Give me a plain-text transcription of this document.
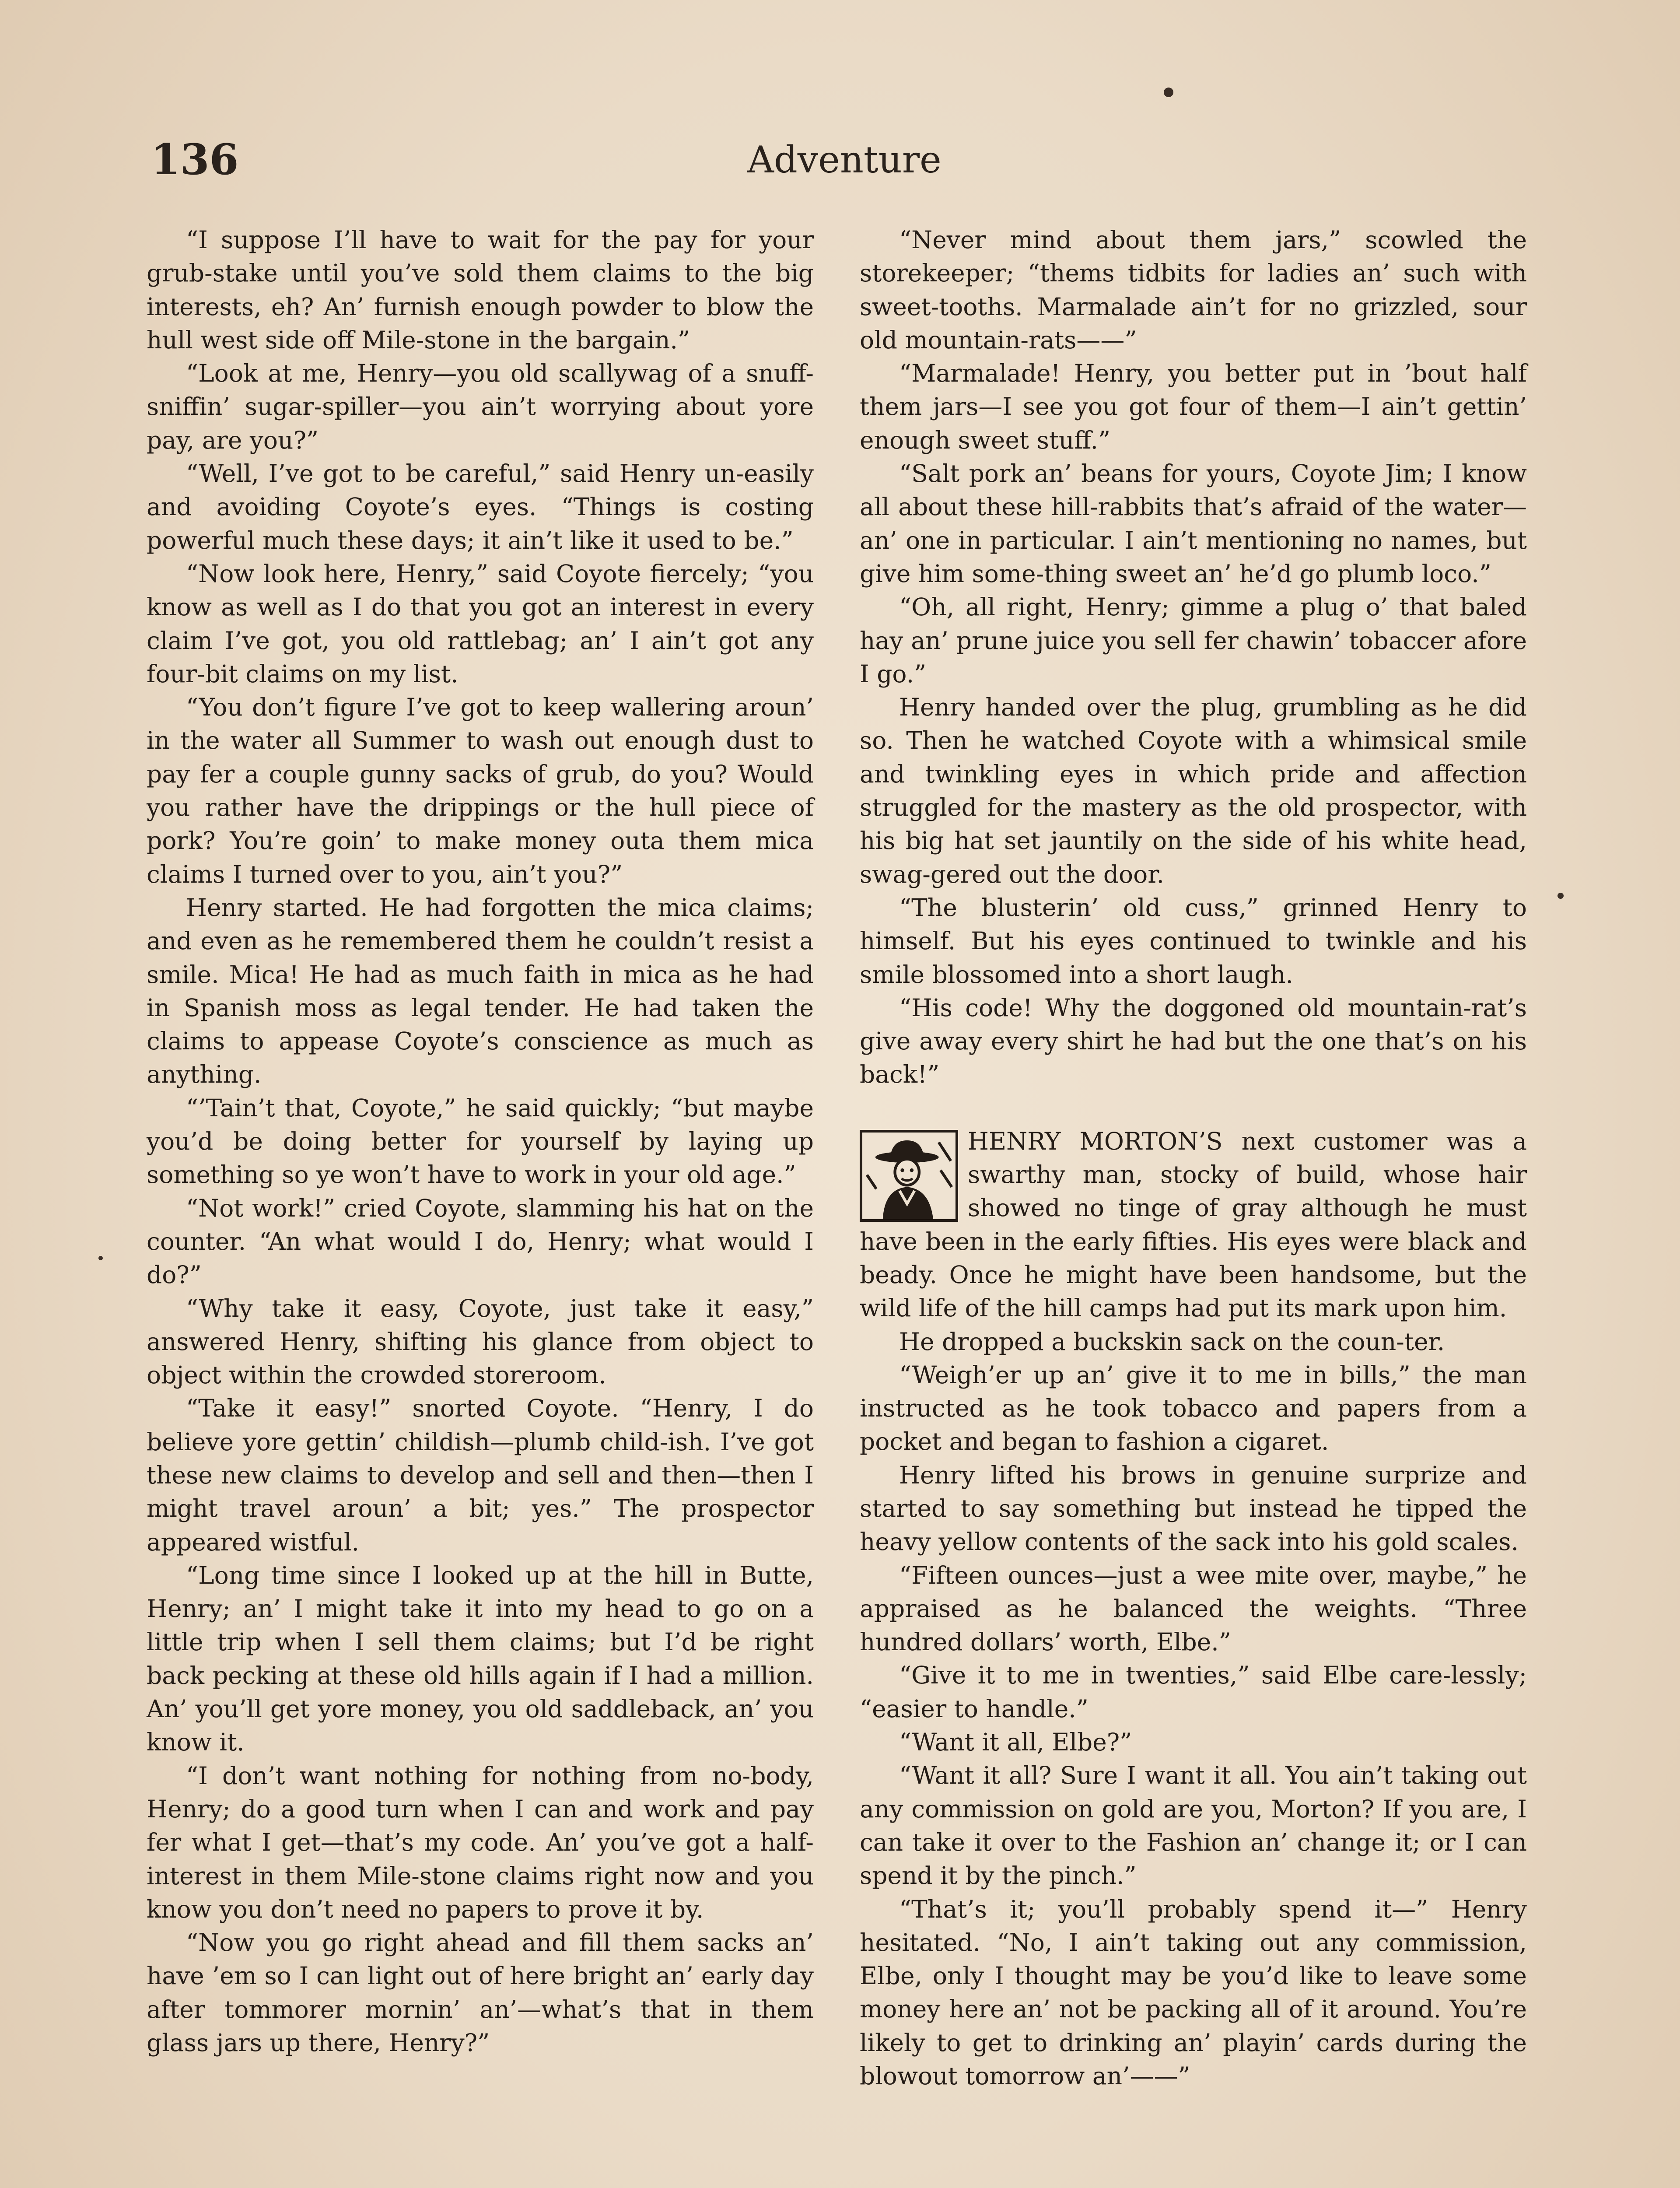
136	Adventure

“I suppose I’ll have to wait for the pay for your grub-stake until you’ve sold them claims to the big interests, eh? An’ furnish enough powder to blow the hull west side off Mile-stone in the bargain.”

“Look at me, Henry—you old scallywag of a snuff-sniffin’ sugar-spiller—you ain’t worrying about yore pay, are you?”

“Well, I’ve got to be careful,” said Henry un-easily and avoiding Coyote’s eyes. “Things is costing powerful much these days; it ain’t like it used to be.”

“Now look here, Henry,” said Coyote fiercely; “you know as well as I do that you got an interest in every claim I’ve got, you old rattlebag; an’ I ain’t got any four-bit claims on my list.

“You don’t figure I’ve got to keep wallering aroun’ in the water all Summer to wash out enough dust to pay fer a couple gunny sacks of grub, do you? Would you rather have the drippings or the hull piece of pork? You’re goin’ to make money outa them mica claims I turned over to you, ain’t you?”

Henry started. He had forgotten the mica claims; and even as he remembered them he couldn’t resist a smile. Mica! He had as much faith in mica as he had in Spanish moss as legal tender. He had taken the claims to appease Coyote’s conscience as much as anything.

“’Tain’t that, Coyote,” he said quickly; “but maybe you’d be doing better for yourself by laying up something so ye won’t have to work in your old age.”

“Not work!” cried Coyote, slamming his hat on the counter. “An what would I do, Henry; what would I do?”

“Why take it easy, Coyote, just take it easy,” answered Henry, shifting his glance from object to object within the crowded storeroom.

“Take it easy!” snorted Coyote. “Henry, I do believe yore gettin’ childish—plumb child-ish. I’ve got these new claims to develop and sell and then—then I might travel aroun’ a bit; yes.” The prospector appeared wistful.

“Long time since I looked up at the hill in Butte, Henry; an’ I might take it into my head to go on a little trip when I sell them claims; but I’d be right back pecking at these old hills again if I had a million. An’ you’ll get yore money, you old saddleback, an’ you know it.

“I don’t want nothing for nothing from no-body, Henry; do a good turn when I can and work and pay fer what I get—that’s my code. An’ you’ve got a half-interest in them Mile-stone claims right now and you know you don’t need no papers to prove it by.

“Now you go right ahead and fill them sacks an’ have ’em so I can light out of here bright an’ early day after tommorer mornin’ an’—what’s that in them glass jars up there, Henry?”

“Never mind about them jars,” scowled the storekeeper; “thems tidbits for ladies an’ such with sweet-tooths. Marmalade ain’t for no grizzled, sour old mountain-rats——”

“Marmalade! Henry, you better put in ’bout half them jars—I see you got four of them—I ain’t gettin’ enough sweet stuff.”

“Salt pork an’ beans for yours, Coyote Jim; I know all about these hill-rabbits that’s afraid of the water—an’ one in particular. I ain’t mentioning no names, but give him some-thing sweet an’ he’d go plumb loco.”

“Oh, all right, Henry; gimme a plug o’ that baled hay an’ prune juice you sell fer chawin’ tobaccer afore I go.”

Henry handed over the plug, grumbling as he did so. Then he watched Coyote with a whimsical smile and twinkling eyes in which pride and affection struggled for the mastery as the old prospector, with his big hat set jauntily on the side of his white head, swag-gered out the door.

“The blusterin’ old cuss,” grinned Henry to himself. But his eyes continued to twinkle and his smile blossomed into a short laugh.

“His code! Why the doggoned old mountain-rat’s give away every shirt he had but the one that’s on his back!”

HENRY MORTON’S next customer was a swarthy man, stocky of build, whose hair showed no tinge of gray although he must have been in the early fifties. His eyes were black and beady. Once he might have been handsome, but the wild life of the hill camps had put its mark upon him.

He dropped a buckskin sack on the coun-ter.

“Weigh’er up an’ give it to me in bills,” the man instructed as he took tobacco and papers from a pocket and began to fashion a cigaret.

Henry lifted his brows in genuine surprize and started to say something but instead he tipped the heavy yellow contents of the sack into his gold scales.

“Fifteen ounces—just a wee mite over, maybe,” he appraised as he balanced the weights. “Three hundred dollars’ worth, Elbe.”

“Give it to me in twenties,” said Elbe care-lessly; “easier to handle.”

“Want it all, Elbe?”

“Want it all? Sure I want it all. You ain’t taking out any commission on gold are you, Morton? If you are, I can take it over to the Fashion an’ change it; or I can spend it by the pinch.”

“That’s it; you’ll probably spend it—” Henry hesitated. “No, I ain’t taking out any commission, Elbe, only I thought may be you’d like to leave some money here an’ not be packing all of it around. You’re likely to get to drinking an’ playin’ cards during the blowout tomorrow an’——”
